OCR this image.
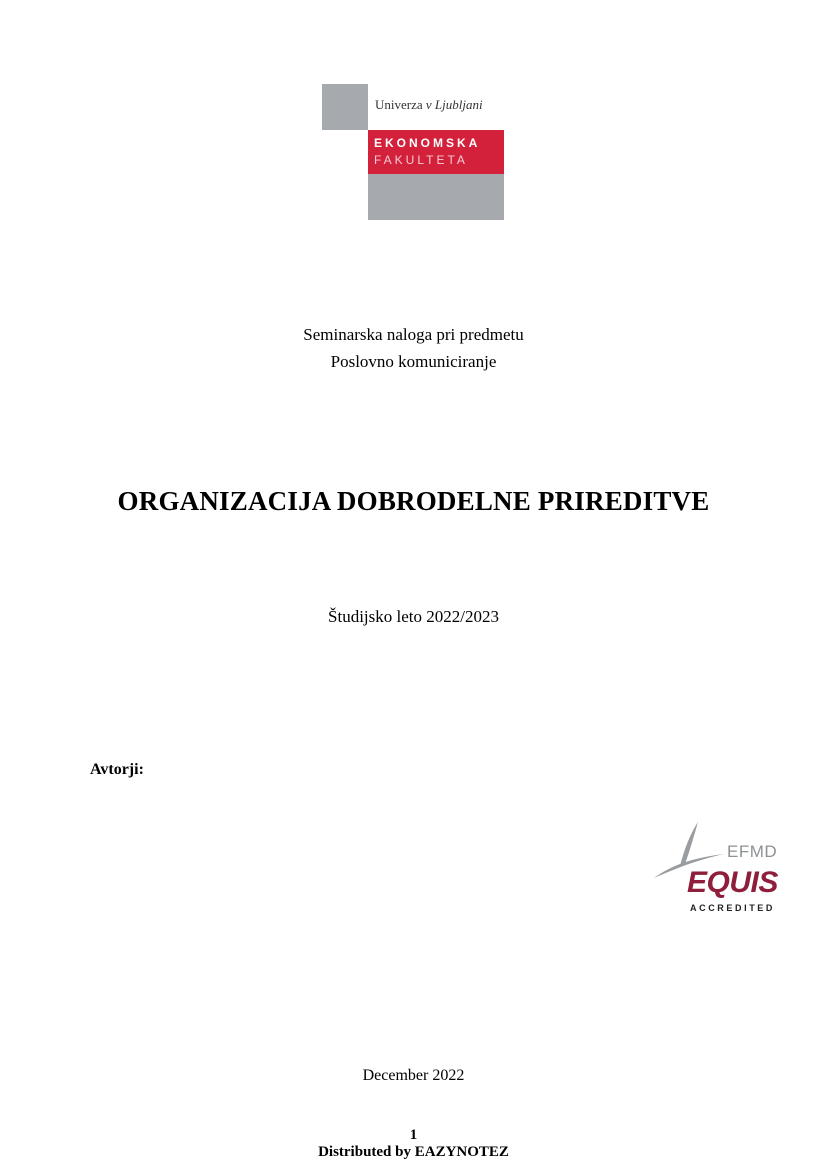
Univerza v Ljubljani
EKONOMSKA
FAKULTETA
Seminarska naloga pri predmetu
Poslovno komuniciranje
ORGANIZACIJA DOBRODELNE PRIREDITVE
Študijsko leto 2022/2023
Avtorji:
EFMD
EQUIS
ACCREDITED
December 2022
1
Distributed by EAZYNOTEZ
